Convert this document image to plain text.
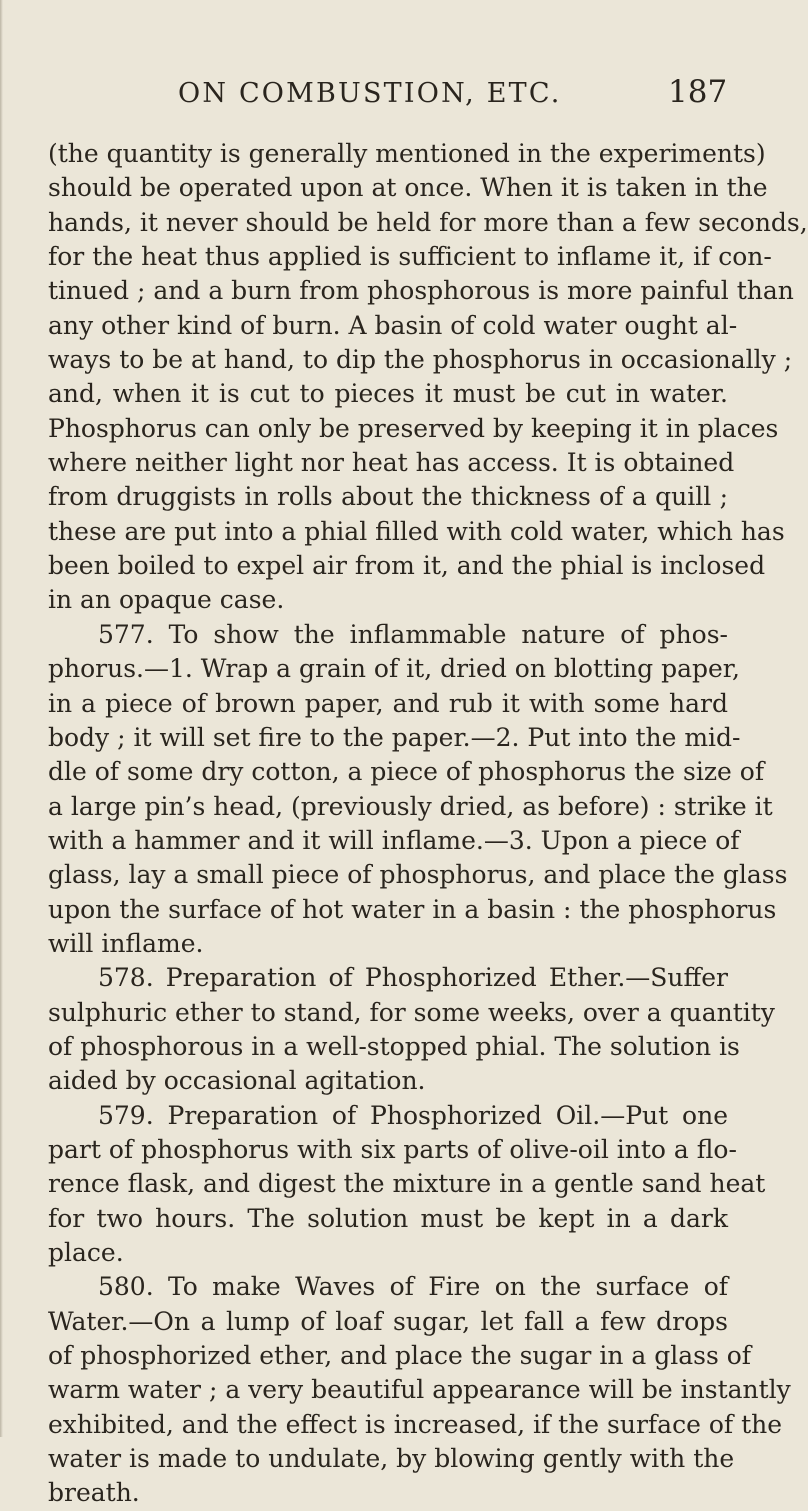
ON COMBUSTION, ETC.	187
(the quantity is generally mentioned in the experiments)
should be operated upon at once. When it is taken in the
hands, it never should be held for more than a few seconds,
for the heat thus applied is sufficient to inflame it, if con-
tinued ; and a burn from phosphorous is more painful than
any other kind of burn. A basin of cold water ought al-
ways to be at hand, to dip the phosphorus in occasionally ;
and, when it is cut to pieces it must be cut in water.
Phosphorus can only be preserved by keeping it in places
where neither light nor heat has access. It is obtained
from druggists in rolls about the thickness of a quill ;
these are put into a phial filled with cold water, which has
been boiled to expel air from it, and the phial is inclosed
in an opaque case.
577. To show the inflammable nature of phos-
phorus.—1. Wrap a grain of it, dried on blotting paper,
in a piece of brown paper, and rub it with some hard
body ; it will set fire to the paper.—2. Put into the mid-
dle of some dry cotton, a piece of phosphorus the size of
a large pin’s head, (previously dried, as before) : strike it
with a hammer and it will inflame.—3. Upon a piece of
glass, lay a small piece of phosphorus, and place the glass
upon the surface of hot water in a basin : the phosphorus
will inflame.
578. Preparation of Phosphorized Ether.—Suffer
sulphuric ether to stand, for some weeks, over a quantity
of phosphorous in a well-stopped phial. The solution is
aided by occasional agitation.
579. Preparation of Phosphorized Oil.—Put one
part of phosphorus with six parts of olive-oil into a flo-
rence flask, and digest the mixture in a gentle sand heat
for two hours. The solution must be kept in a dark
place.
580. To make Waves of Fire on the surface of
Water.—On a lump of loaf sugar, let fall a few drops
of phosphorized ether, and place the sugar in a glass of
warm water ; a very beautiful appearance will be instantly
exhibited, and the effect is increased, if the surface of the
water is made to undulate, by blowing gently with the
breath.
